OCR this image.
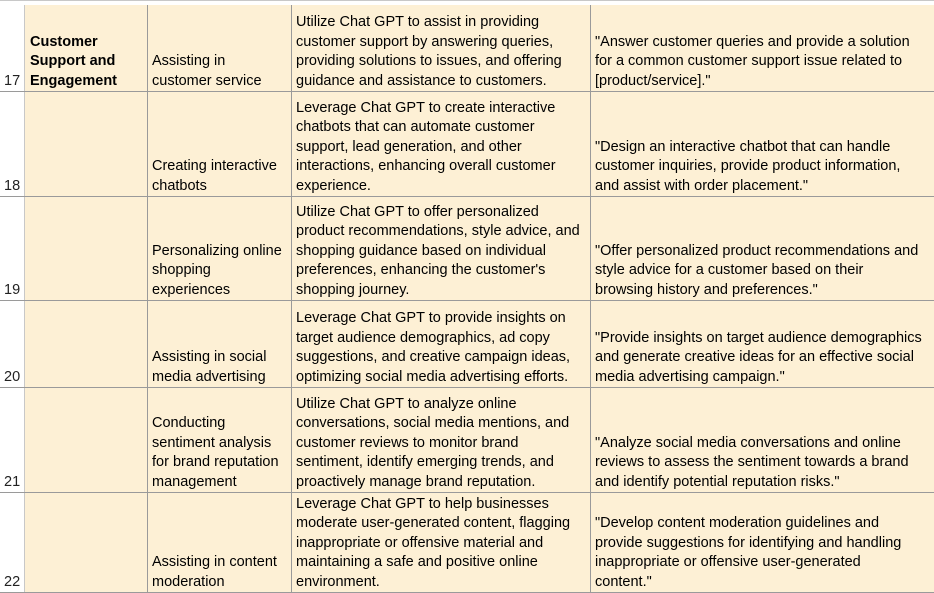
17
Customer
Support and
Engagement
Assisting in
customer service
Utilize Chat GPT to assist in providing
customer support by answering queries,
providing solutions to issues, and offering
guidance and assistance to customers.
"Answer customer queries and provide a solution
for a common customer support issue related to
[product/service]."
18
Creating interactive
chatbots
Leverage Chat GPT to create interactive
chatbots that can automate customer
support, lead generation, and other
interactions, enhancing overall customer
experience.
"Design an interactive chatbot that can handle
customer inquiries, provide product information,
and assist with order placement."
19
Personalizing online
shopping
experiences
Utilize Chat GPT to offer personalized
product recommendations, style advice, and
shopping guidance based on individual
preferences, enhancing the customer's
shopping journey.
"Offer personalized product recommendations and
style advice for a customer based on their
browsing history and preferences."
20
Assisting in social
media advertising
Leverage Chat GPT to provide insights on
target audience demographics, ad copy
suggestions, and creative campaign ideas,
optimizing social media advertising efforts.
"Provide insights on target audience demographics
and generate creative ideas for an effective social
media advertising campaign."
21
Conducting
sentiment analysis
for brand reputation
management
Utilize Chat GPT to analyze online
conversations, social media mentions, and
customer reviews to monitor brand
sentiment, identify emerging trends, and
proactively manage brand reputation.
"Analyze social media conversations and online
reviews to assess the sentiment towards a brand
and identify potential reputation risks."
22
Assisting in content
moderation
Leverage Chat GPT to help businesses
moderate user-generated content, flagging
inappropriate or offensive material and
maintaining a safe and positive online
environment.
"Develop content moderation guidelines and
provide suggestions for identifying and handling
inappropriate or offensive user-generated
content."
